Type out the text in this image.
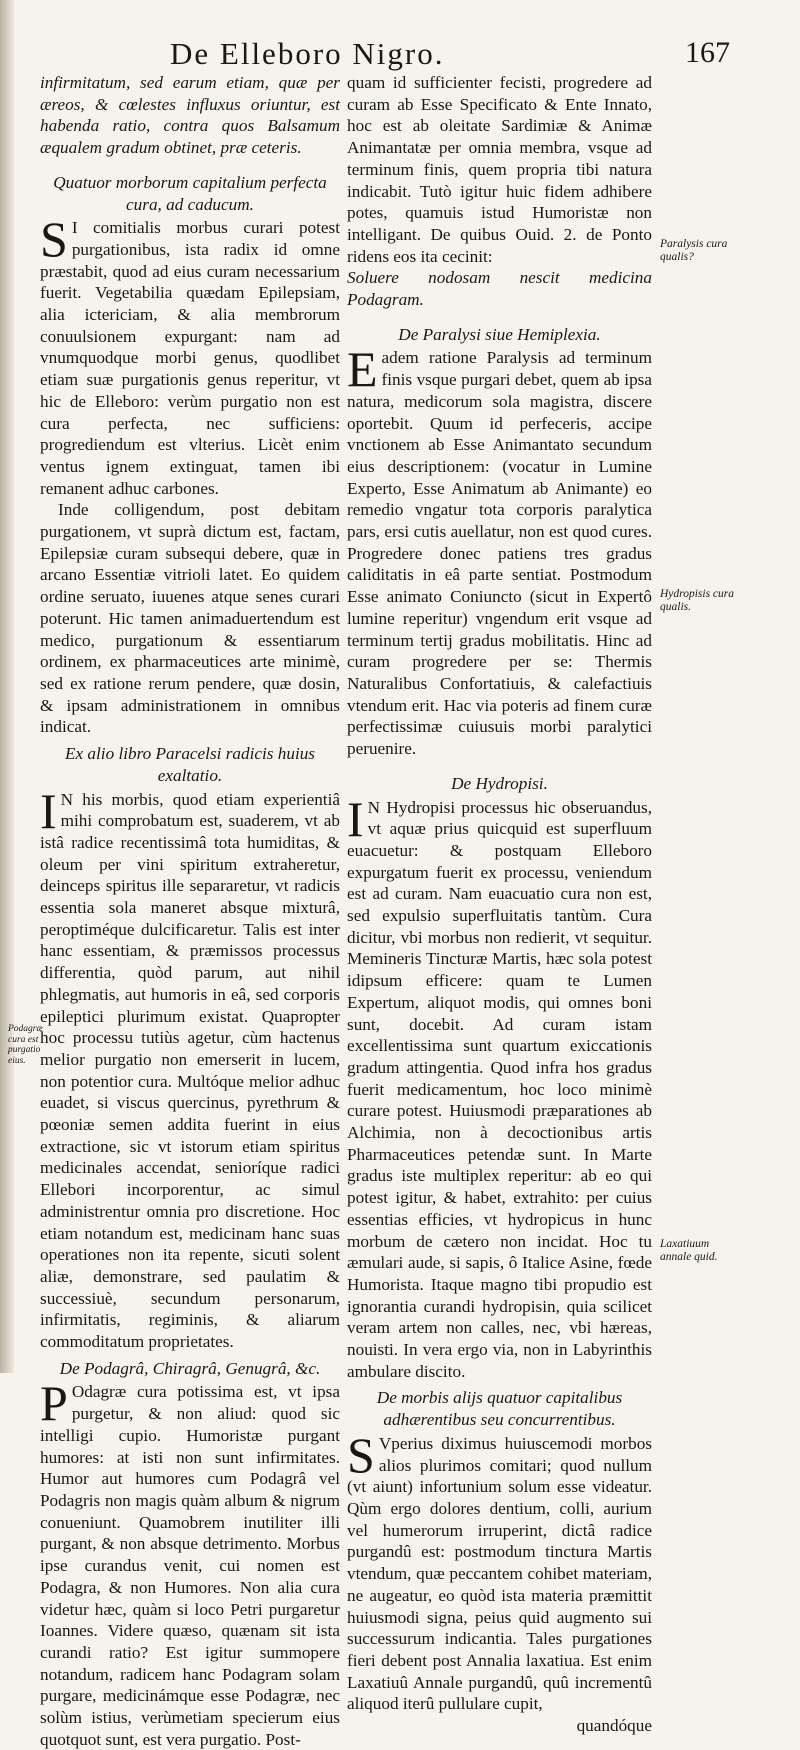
De Elleboro Nigro.	167

infirmitatum, sed earum etiam, quæ per æreos, & cœlestes influxus oriuntur, est habenda ratio, contra quos Balsamum æqualem gradum obtinet, præ ceteris.

Quatuor morborum capitalium perfecta cura, ad caducum.

SI comitialis morbus curari potest purgationibus, ista radix id omne præstabit, quod ad eius curam necessarium fuerit. Vegetabilia quædam Epilepsiam, alia ictericiam, & alia membrorum conuulsionem expurgant: nam ad vnumquodque morbi genus, quodlibet etiam suæ purgationis genus reperitur, vt hic de Elleboro: verùm purgatio non est cura perfecta, nec sufficiens: progrediendum est vlterius. Licèt enim ventus ignem extinguat, tamen ibi remanent adhuc carbones.

Inde colligendum, post debitam purgationem, vt suprà dictum est, factam, Epilepsiæ curam subsequi debere, quæ in arcano Essentiæ vitrioli latet. Eo quidem ordine seruato, iuuenes atque senes curari poterunt. Hic tamen animaduertendum est medico, purgationum & essentiarum ordinem, ex pharmaceutices arte minimè, sed ex ratione rerum pendere, quæ dosin, & ipsam administrationem in omnibus indicat.

Ex alio libro Paracelsi radicis huius exaltatio.

IN his morbis, quod etiam experientiâ mihi comprobatum est, suaderem, vt ab istâ radice recentissimâ tota humiditas, & oleum per vini spiritum extraheretur, deinceps spiritus ille separaretur, vt radicis essentia sola maneret absque mixturâ, peroptiméque dulcificaretur. Talis est inter hanc essentiam, & præmissos processus differentia, quòd parum, aut nihil phlegmatis, aut humoris in eâ, sed corporis epileptici plurimum existat. Quapropter hoc processu tutiùs agetur, cùm hactenus melior purgatio non emerserit in lucem, non potentior cura. Multóque melior adhuc euadet, si viscus quercinus, pyrethrum & pœoniæ semen addita fuerint in eius extractione, sic vt istorum etiam spiritus medicinales accendat, senioríque radici Ellebori incorporentur, ac simul administrentur omnia pro discretione. Hoc etiam notandum est, medicinam hanc suas operationes non ita repente, sicuti solent aliæ, demonstrare, sed paulatim & successiuè, secundum personarum, infirmitatis, regiminis, & aliarum commoditatum proprietates.

De Podagrâ, Chiragrâ, Genugrâ, &c.

POdagræ cura potissima est, vt ipsa purgetur, & non aliud: quod sic intelligi cupio. Humoristæ purgant humores: at isti non sunt infirmitates. Humor aut humores cum Podagrâ vel Podagris non magis quàm album & nigrum conueniunt. Quamobrem inutiliter illi purgant, & non absque detrimento. Morbus ipse curandus venit, cui nomen est Podagra, & non Humores. Non alia cura videtur hæc, quàm si loco Petri purgaretur Ioannes. Videre quæso, quænam sit ista curandi ratio? Est igitur summopere notandum, radicem hanc Podagram solam purgare, medicinámque esse Podagræ, nec solùm istius, verùmetiam specierum eius quotquot sunt, est vera purgatio. Post-

quam id sufficienter fecisti, progredere ad curam ab Esse Specificato & Ente Innato, hoc est ab oleitate Sardimiæ & Animæ Animantatæ per omnia membra, vsque ad terminum finis, quem propria tibi natura indicabit. Tutò igitur huic fidem adhibere potes, quamuis istud Humoristæ non intelligant. De quibus Ouid. 2. de Ponto ridens eos ita cecinit:

Soluere nodosam nescit medicina Podagram.

De Paralysi siue Hemiplexia.

Eadem ratione Paralysis ad terminum finis vsque purgari debet, quem ab ipsa natura, medicorum sola magistra, discere oportebit. Quum id perfeceris, accipe vnctionem ab Esse Animantato secundum eius descriptionem: (vocatur in Lumine Experto, Esse Animatum ab Animante) eo remedio vngatur tota corporis paralytica pars, ersi cutis auellatur, non est quod cures. Progredere donec patiens tres gradus caliditatis in eâ parte sentiat. Postmodum Esse animato Coniuncto (sicut in Expertô lumine reperitur) vngendum erit vsque ad terminum tertij gradus mobilitatis. Hinc ad curam progredere per se: Thermis Naturalibus Confortatiuis, & calefactiuis vtendum erit. Hac via poteris ad finem curæ perfectissimæ cuiusuis morbi paralytici peruenire.

De Hydropisi.

IN Hydropisi processus hic obseruandus, vt aquæ prius quicquid est superfluum euacuetur: & postquam Elleboro expurgatum fuerit ex processu, veniendum est ad curam. Nam euacuatio cura non est, sed expulsio superfluitatis tantùm. Cura dicitur, vbi morbus non redierit, vt sequitur. Memineris Tincturæ Martis, hæc sola potest idipsum efficere: quam te Lumen Expertum, aliquot modis, qui omnes boni sunt, docebit. Ad curam istam excellentissima sunt quartum exiccationis gradum attingentia. Quod infra hos gradus fuerit medicamentum, hoc loco minimè curare potest. Huiusmodi præparationes ab Alchimia, non à decoctionibus artis Pharmaceutices petendæ sunt. In Marte gradus iste multiplex reperitur: ab eo qui potest igitur, & habet, extrahito: per cuius essentias efficies, vt hydropicus in hunc morbum de cætero non incidat. Hoc tu æmulari aude, si sapis, ô Italice Asine, fœde Humorista. Itaque magno tibi propudio est ignorantia curandi hydropisin, quia scilicet veram artem non calles, nec, vbi hæreas, nouisti. In vera ergo via, non in Labyrinthis ambulare discito.

De morbis alijs quatuor capitalibus adhærentibus seu concurrentibus.

SVperius diximus huiuscemodi morbos alios plurimos comitari; quod nullum (vt aiunt) infortunium solum esse videatur. Qùm ergo dolores dentium, colli, aurium vel humerorum irruperint, dictâ radice purgandû est: postmodum tinctura Martis vtendum, quæ peccantem cohibet materiam, ne augeatur, eo quòd ista materia præmittit huiusmodi signa, peius quid augmento sui successurum indicantia. Tales purgationes fieri debent post Annalia laxatiua. Est enim Laxatiuû Annale purgandû, quû incrementû aliquod iterû pullulare cupit,

quandóque

Paralysis cura qualis?
Hydropisis cura qualis.
Podagræ cura est purgatio eius.
Laxatiuum annale quid.
